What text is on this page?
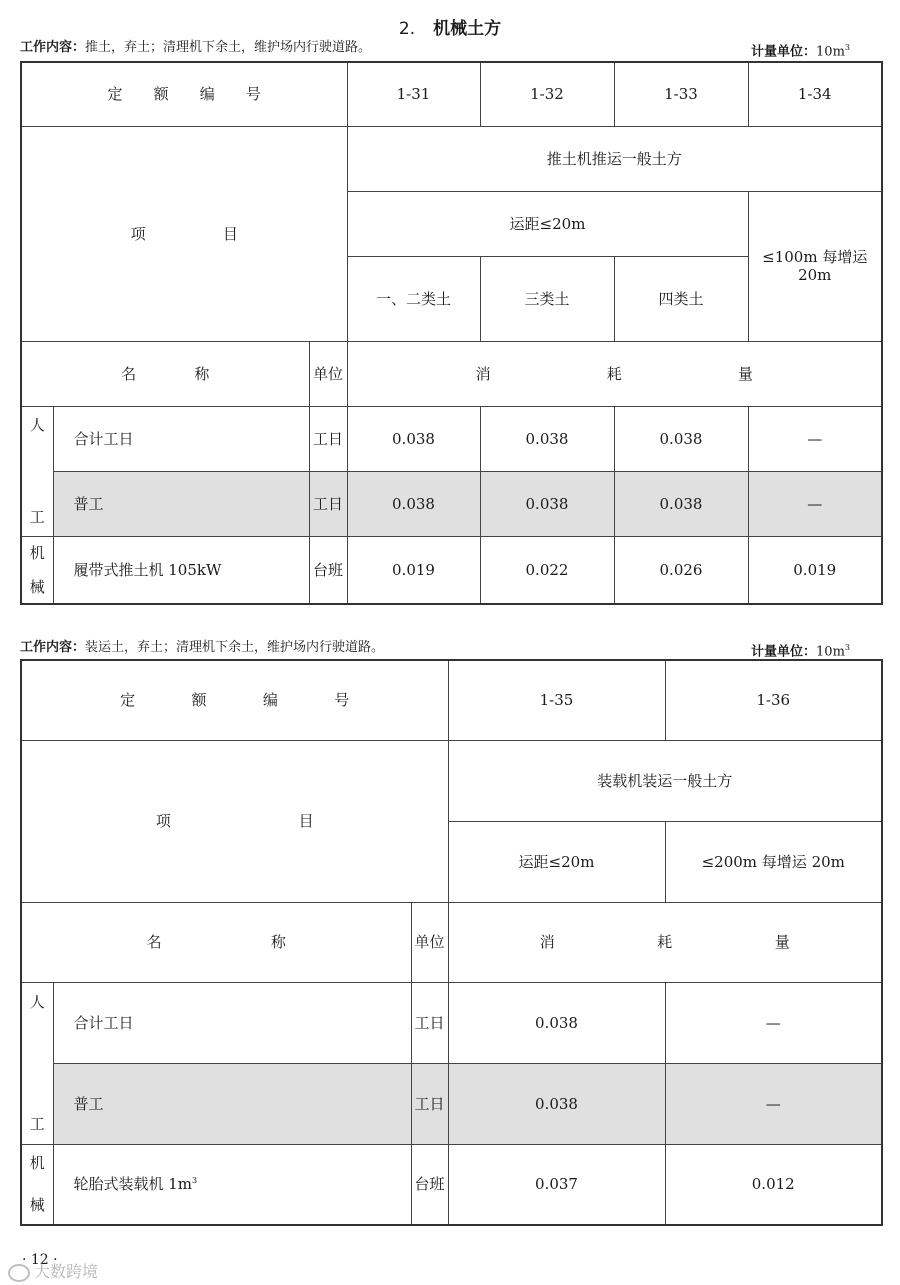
2. 机械土方
工作内容：推土，弃土；清理机下余土，维护场内行驶道路。	计量单位：$10m^3$
定 额 编 号			1-31	1-32	1-33	1-34

项 目			推土机推运一般土方			
			运距≤20m			≤100m 每增运 20m
			一、二类土	三类土	四类土	

名 称		单位	消 耗 量			

人
工	合计工日	工日	0.038	0.038	0.038	—
	普工	工日	0.038	0.038	0.038	—

机
械	履带式推土机 105kW	台班	0.019	0.022	0.026	0.019
工作内容：装运土，弃土；清理机下余土，维护场内行驶道路。	计量单位：$10m^3$
定 额 编 号			1-35	1-36

项 目			装载机装运一般土方	
			运距≤20m	≤200m 每增运 20m

名 称		单位	消 耗 量	

人
工	合计工日	工日	0.038	—
	普工	工日	0.038	—

机
械	轮胎式装载机 $1m^3$	台班	0.037	0.012
· 12 ·
大数跨境
